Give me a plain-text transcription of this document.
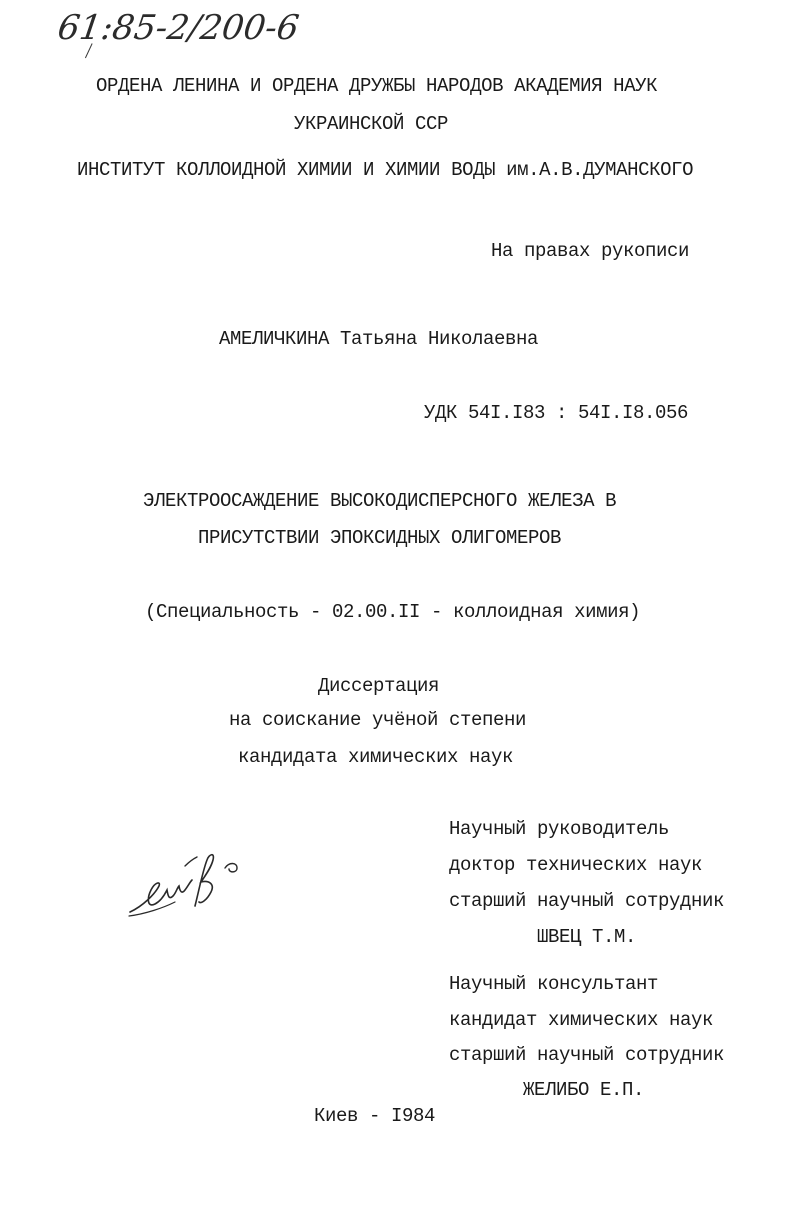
61:85-2/200-6
ОРДЕНА ЛЕНИНА И ОРДЕНА ДРУЖБЫ НАРОДОВ АКАДЕМИЯ НАУК
УКРАИНСКОЙ ССР
ИНСТИТУТ КОЛЛОИДНОЙ ХИМИИ И ХИМИИ ВОДЫ им.А.В.ДУМАНСКОГО
На правах рукописи
АМЕЛИЧКИНА Татьяна Николаевна
УДК 54I.I83 : 54I.I8.056
ЭЛЕКТРООСАЖДЕНИЕ ВЫСОКОДИСПЕРСНОГО ЖЕЛЕЗА В
ПРИСУТСТВИИ ЭПОКСИДНЫХ ОЛИГОМЕРОВ
(Специальность - 02.00.II - коллоидная химия)
Диссертация
на соискание учёной степени
кандидата химических наук
Научный руководитель
доктор технических наук
старший научный сотрудник
ШВЕЦ Т.М.
Научный консультант
кандидат химических наук
старший научный сотрудник
ЖЕЛИБО Е.П.
Киев - I984
